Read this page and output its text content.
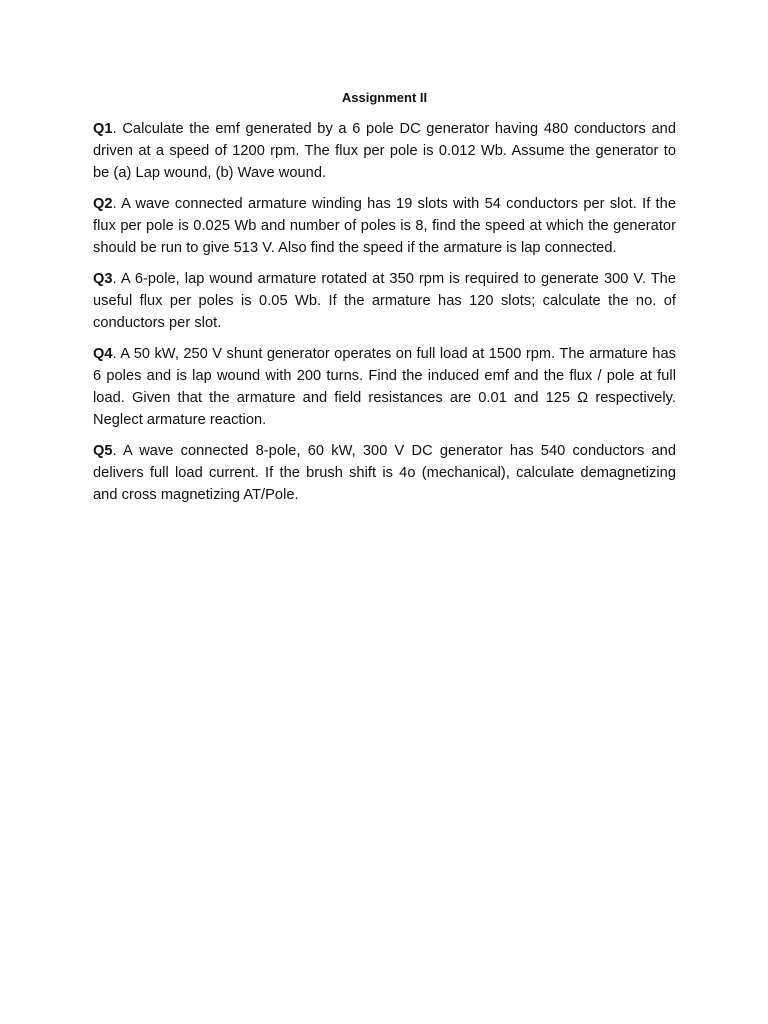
Assignment II

Q1. Calculate the emf generated by a 6 pole DC generator having 480 conductors and driven at a speed of 1200 rpm. The flux per pole is 0.012 Wb. Assume the generator to be (a) Lap wound, (b) Wave wound.

Q2. A wave connected armature winding has 19 slots with 54 conductors per slot. If the flux per pole is 0.025 Wb and number of poles is 8, find the speed at which the generator should be run to give 513 V. Also find the speed if the armature is lap connected.

Q3. A 6-pole, lap wound armature rotated at 350 rpm is required to generate 300 V. The useful flux per poles is 0.05 Wb. If the armature has 120 slots; calculate the no. of conductors per slot.

Q4. A 50 kW, 250 V shunt generator operates on full load at 1500 rpm. The armature has 6 poles and is lap wound with 200 turns. Find the induced emf and the flux / pole at full load. Given that the armature and field resistances are 0.01 and 125 Ω respectively. Neglect armature reaction.

Q5. A wave connected 8-pole, 60 kW, 300 V DC generator has 540 conductors and delivers full load current. If the brush shift is 4o (mechanical), calculate demagnetizing and cross magnetizing AT/Pole.
